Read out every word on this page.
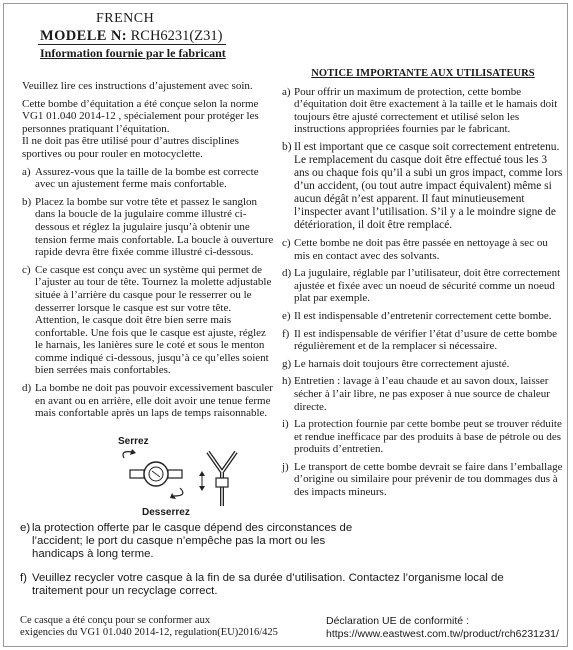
FRENCH
MODELE N: RCH6231(Z31)
Information fournie par le fabricant

Veuillez lire ces instructions d’ajustement avec soin.

Cette bombe d’équitation a été conçue selon la norme VG1 01.040 2014-12 , spécialement pour protéger les personnes pratiquant l’équitation.

Il ne doit pas être utilisé pour d’autres disciplines sportives ou pour rouler en motocyclette.

a) Assurez-vous que la taille de la bombe est correcte avec un ajustement ferme mais confortable.
b) Placez la bombe sur votre tête et passez le sanglon dans la boucle de la jugulaire comme illustré ci-dessous et réglez la jugulaire jusqu’à obtenir une tension ferme mais confortable. La boucle à ouverture rapide devra être fixée comme illustré ci-dessous.
c) Ce casque est conçu avec un système qui permet de l’ajuster au tour de tête. Tournez la molette adjustable située à l’arrière du casque pour le resserrer ou le desserrer lorsque le casque est sur votre tête. Attention, le casque doit être bien serre mais confortable. Une fois que le casque est ajuste, réglez le harnais, les lanières sure le coté et sous le menton comme indiqué ci-dessous, jusqu’à ce qu’elles soient bien serrées mais confortables.
d) La bombe ne doit pas pouvoir excessivement basculer en avant ou en arrière, elle doit avoir une tenue ferme mais confortable après un laps de temps raisonnable.
Serrez
Desserrez
e) la protection offerte par le casque dépend des circonstances de l’accident; le port du casque n’empêche pas la mort ou les handicaps à long terme.
f) Veuillez recycler votre casque à la fin de sa durée d’utilisation. Contactez l’organisme local de traitement pour un recyclage correct.
NOTICE IMPORTANTE AUX UTILISATEURS
a) Pour offrir un maximum de protection, cette bombe d’équitation doit être exactement à la taille et le hamais doit toujours être ajusté correctement et utilisé selon les instructions appropriées fournies par le fabricant.
b) Il est important que ce casque soit correctement entretenu. Le remplacement du casque doit être effectué tous les 3 ans ou chaque fois qu’il a subi un gros impact, comme lors d’un accident, (ou tout autre impact équivalent) même si aucun dégât n’est apparent. Il faut minutieusement l’inspecter avant l’utilisation. S’il y a le moindre signe de détérioration, il doit être remplacé.
c) Cette bombe ne doit pas être passée en nettoyage à sec ou mis en contact avec des solvants.
d) La jugulaire, réglable par l’utilisateur, doit être correctement ajustée et fixée avec un noeud de sécurité comme un noeud plat par exemple.
e) Il est indispensable d’entretenir correctement cette bombe.
f) Il est indispensable de vérifier l’état d’usure de cette bombe régulièrement et de la remplacer si nécessaire.
g) Le harnais doit toujours être correctement ajusté.
h) Entretien : lavage à l’eau chaude et au savon doux, laisser sécher à l’air libre, ne pas exposer à nue source de chaleur directe.
i) La protection fournie par cette bombe peut se trouver réduite et rendue inefficace par des produits à base de pétrole ou des produits d’entretien.
j) Le transport de cette bombe devrait se faire dans l’emballage d’origine ou similaire pour prévenir de tou dommages dus à des impacts mineurs.
Ce casque a été conçu pour se conformer aux
exigencies du VG1 01.040 2014-12, regulation(EU)2016/425
Déclaration UE de conformité :
https://www.eastwest.com.tw/product/rch6231z31/
